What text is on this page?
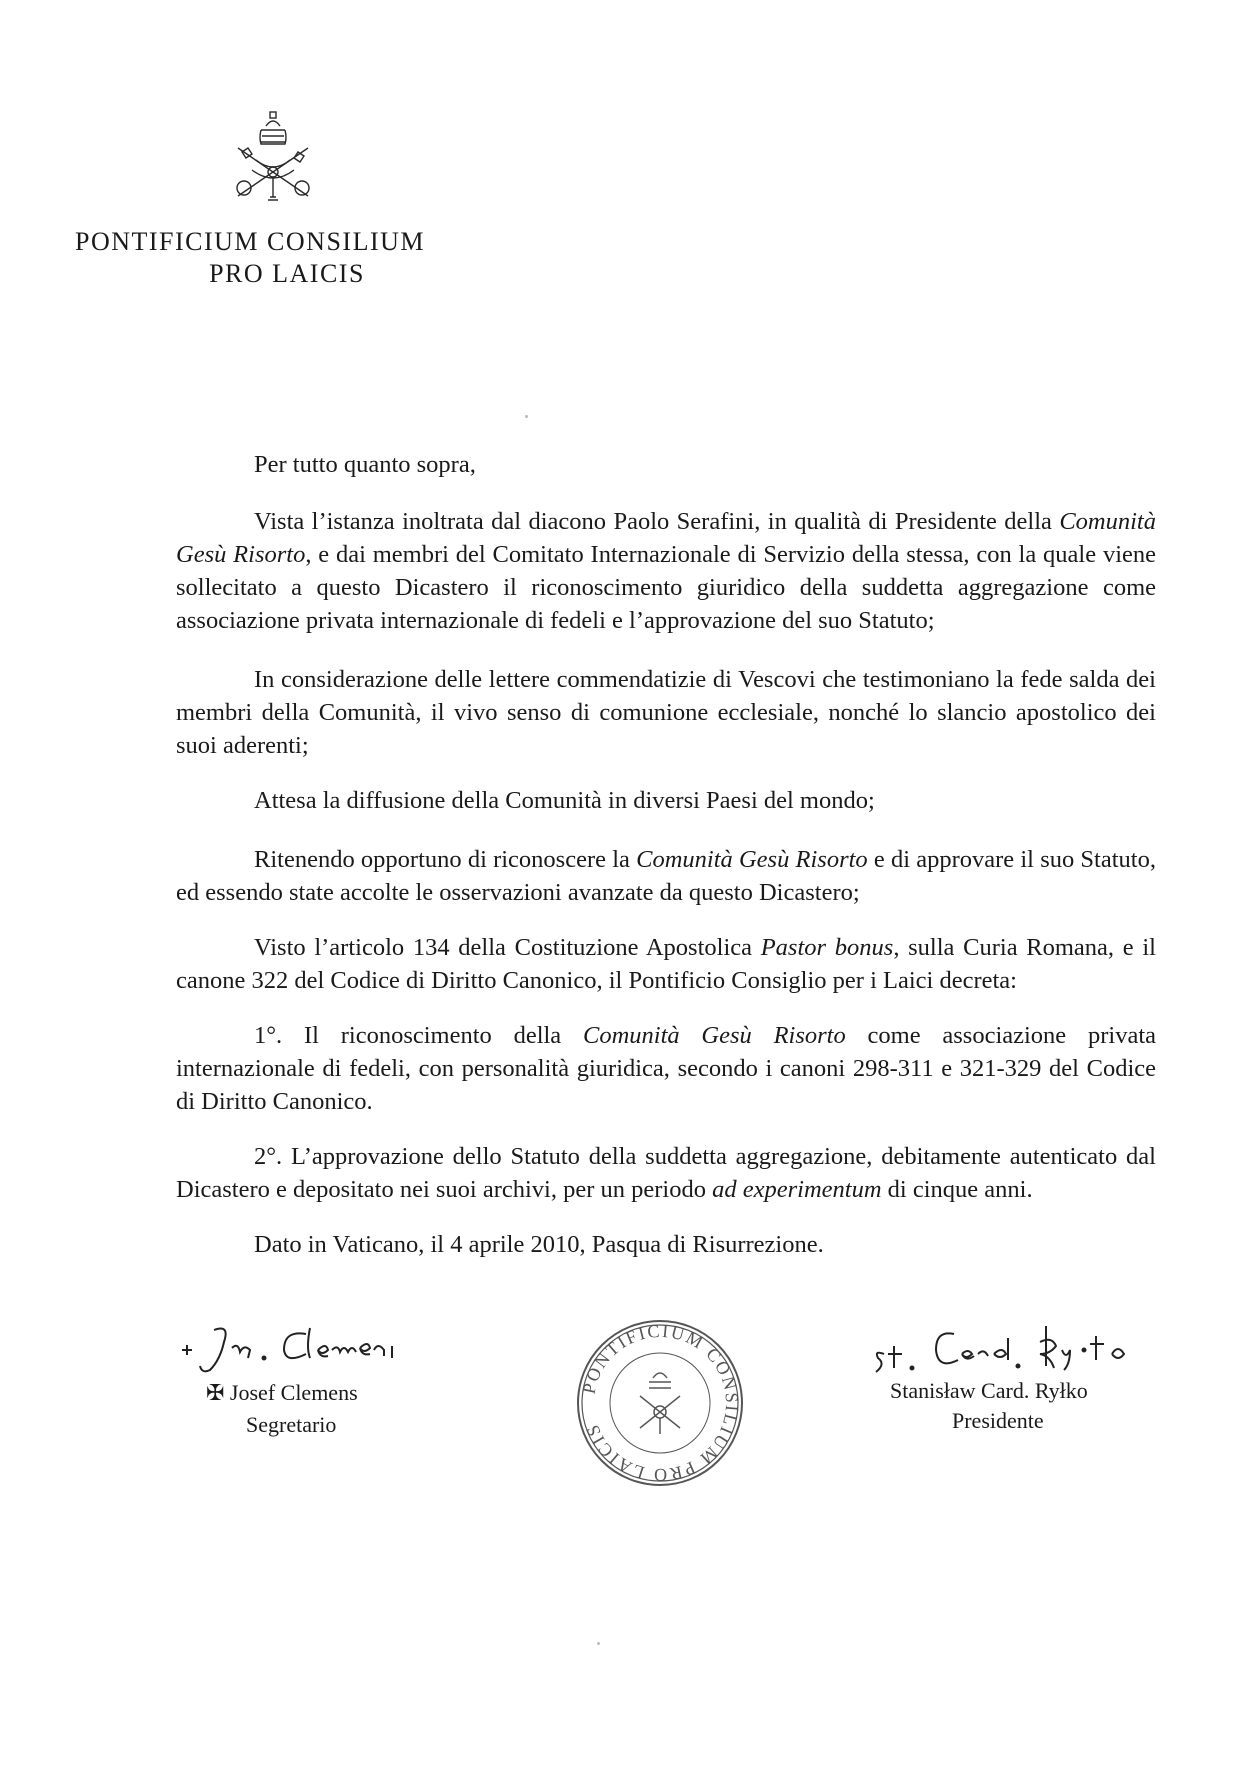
PONTIFICIUM CONSILIUM
PRO LAICIS

Per tutto quanto sopra,

Vista l’istanza inoltrata dal diacono Paolo Serafini, in qualità di Presidente della Comunità Gesù Risorto, e dai membri del Comitato Internazionale di Servizio della stessa, con la quale viene sollecitato a questo Dicastero il riconoscimento giuridico della suddetta aggregazione come associazione privata internazionale di fedeli e l’approvazione del suo Statuto;

In considerazione delle lettere commendatizie di Vescovi che testimoniano la fede salda dei membri della Comunità, il vivo senso di comunione ecclesiale, nonché lo slancio apostolico dei suoi aderenti;

Attesa la diffusione della Comunità in diversi Paesi del mondo;

Ritenendo opportuno di riconoscere la Comunità Gesù Risorto e di approvare il suo Statuto, ed essendo state accolte le osservazioni avanzate da questo Dicastero;

Visto l’articolo 134 della Costituzione Apostolica Pastor bonus, sulla Curia Romana, e il canone 322 del Codice di Diritto Canonico, il Pontificio Consiglio per i Laici decreta:

1°. Il riconoscimento della Comunità Gesù Risorto come associazione privata internazionale di fedeli, con personalità giuridica, secondo i canoni 298-311 e 321-329 del Codice di Diritto Canonico.

2°. L’approvazione dello Statuto della suddetta aggregazione, debitamente autenticato dal Dicastero e depositato nei suoi archivi, per un periodo ad experimentum di cinque anni.

Dato in Vaticano, il 4 aprile 2010, Pasqua di Risurrezione.

✠ Josef Clemens
Segretario
PONTIFICIUM CONSILIUM PRO LAICIS
Stanisław Card. Ryłko
Presidente
